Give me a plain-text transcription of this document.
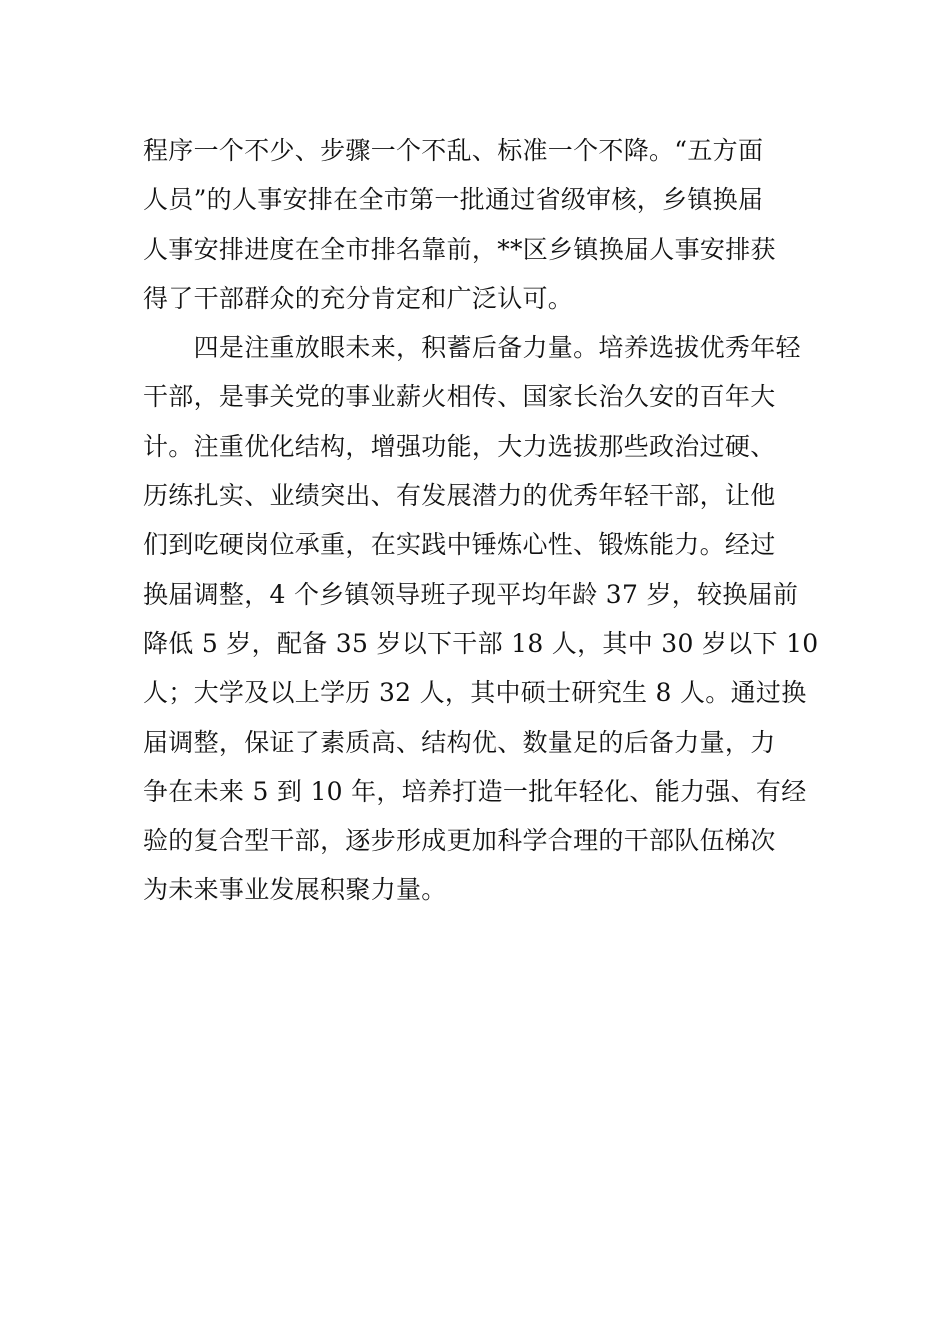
程序一个不少、步骤一个不乱、标准一个不降。“五方面
人员”的人事安排在全市第一批通过省级审核，乡镇换届
人事安排进度在全市排名靠前，**区乡镇换届人事安排获
得了干部群众的充分肯定和广泛认可。
　　四是注重放眼未来，积蓄后备力量。培养选拔优秀年轻
干部，是事关党的事业薪火相传、国家长治久安的百年大
计。注重优化结构，增强功能，大力选拔那些政治过硬、
历练扎实、业绩突出、有发展潜力的优秀年轻干部，让他
们到吃硬岗位承重，在实践中锤炼心性、锻炼能力。经过
换届调整，4 个乡镇领导班子现平均年龄 37 岁，较换届前
降低 5 岁，配备 35 岁以下干部 18 人，其中 30 岁以下 10
人；大学及以上学历 32 人，其中硕士研究生 8 人。通过换
届调整，保证了素质高、结构优、数量足的后备力量，力
争在未来 5 到 10 年，培养打造一批年轻化、能力强、有经
验的复合型干部，逐步形成更加科学合理的干部队伍梯次
为未来事业发展积聚力量。
